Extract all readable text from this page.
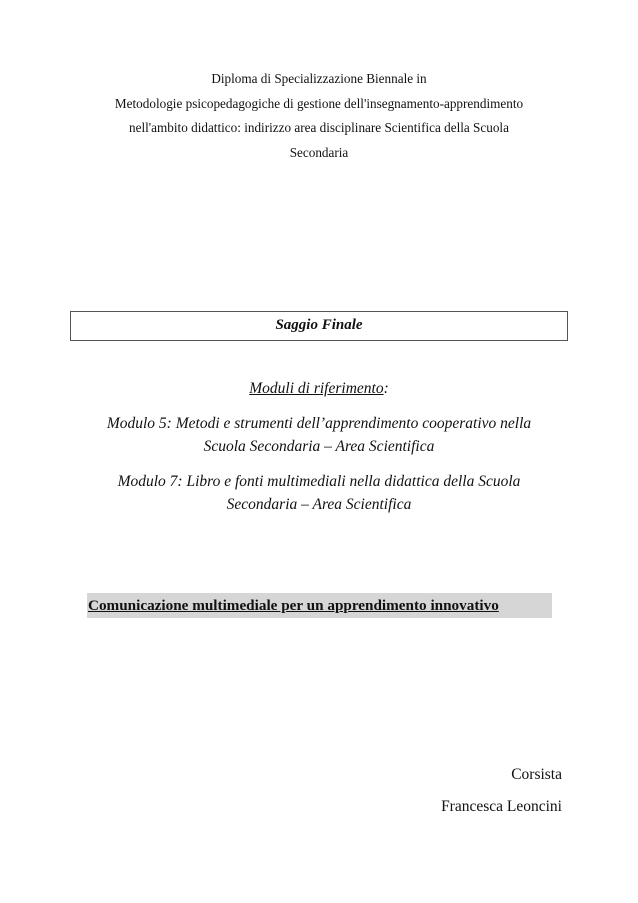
Diploma di Specializzazione Biennale in
Metodologie psicopedagogiche di gestione dell'insegnamento-apprendimento
nell'ambito didattico: indirizzo area disciplinare Scientifica della Scuola
Secondaria
Saggio Finale
Moduli di riferimento:
Modulo 5: Metodi e strumenti dell’apprendimento cooperativo nella
Scuola Secondaria – Area Scientifica
Modulo 7: Libro e fonti multimediali nella didattica della Scuola
Secondaria – Area Scientifica
Comunicazione multimediale per un apprendimento innovativo
Corsista
Francesca Leoncini
